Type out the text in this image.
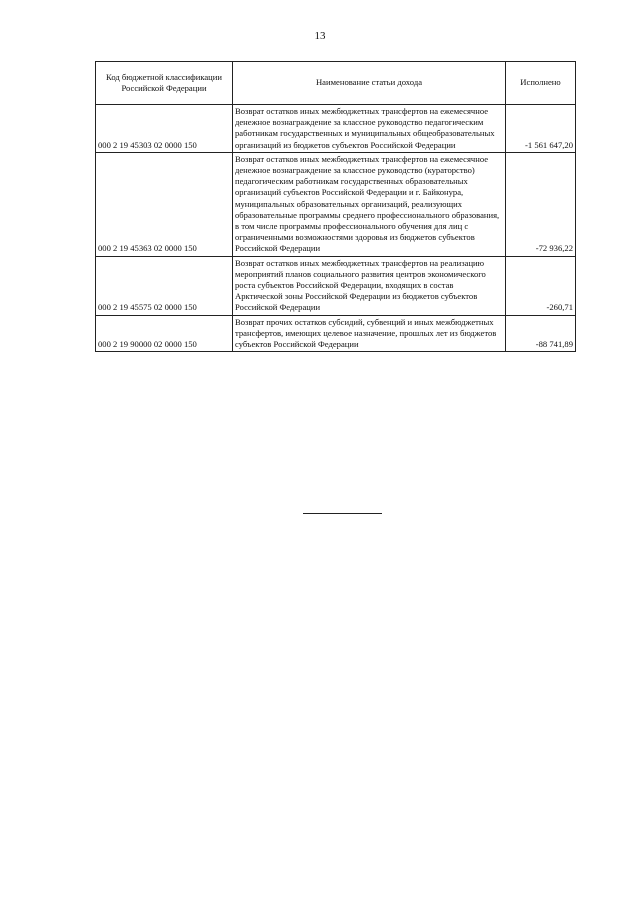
13
Код бюджетной классификации Российской Федерации	Наименование статьи дохода	Исполнено
000 2 19 45303 02 0000 150	Возврат остатков иных межбюджетных трансфертов на ежемесячное денежное вознаграждение за классное руководство педагогическим работникам государственных и муниципальных общеобразовательных организаций из бюджетов субъектов Российской Федерации	-1 561 647,20
000 2 19 45363 02 0000 150	Возврат остатков иных межбюджетных трансфертов на ежемесячное денежное вознаграждение за классное руководство (кураторство) педагогическим работникам государственных образовательных организаций субъектов Российской Федерации и г. Байконура, муниципальных образовательных организаций, реализующих образовательные программы среднего профессионального образования, в том числе программы профессионального обучения для лиц с ограниченными возможностями здоровья из бюджетов субъектов Российской Федерации	-72 936,22
000 2 19 45575 02 0000 150	Возврат остатков иных межбюджетных трансфертов на реализацию мероприятий планов социального развития центров экономического роста субъектов Российской Федерации, входящих в состав Арктической зоны Российской Федерации из бюджетов субъектов Российской Федерации	-260,71
000 2 19 90000 02 0000 150	Возврат прочих остатков субсидий, субвенций и иных межбюджетных трансфертов, имеющих целевое назначение, прошлых лет из бюджетов субъектов Российской Федерации	-88 741,89
